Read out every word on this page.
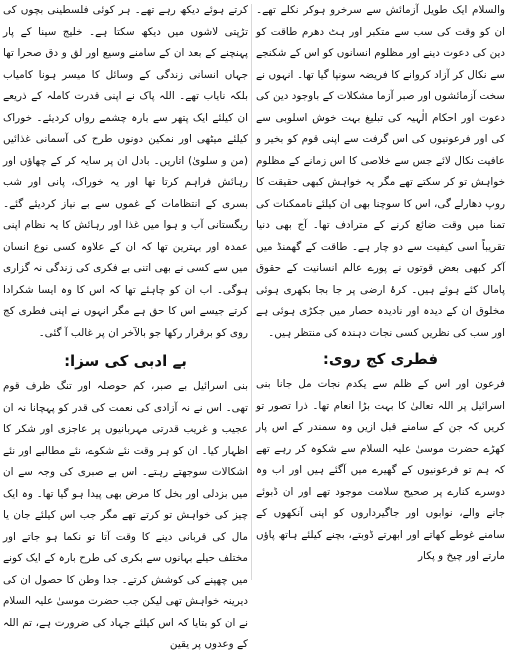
والسلام ایک طویل آزمائش سے سرخرو ہوکر نکلے تھے۔ ان کو وقت کی سب سے متکبر اور ہٹ دھرم طاقت کو دین کی دعوت دینے اور مظلوم انسانوں کو اس کے شکنجے سے نکال کر آزاد کروانے کا فریضہ سونپا گیا تھا۔ انہوں نے سخت آزمائشوں اور صبر آزما مشکلات کے باوجود دین کی دعوت اور احکام الٰہیہ کی تبلیغ بہت خوش اسلوبی سے کی اور فرعونیوں کی اس گرفت سے اپنی قوم کو بخیر و عافیت نکال لائے جس سے خلاصی کا اس زمانے کے مظلوم خواہش تو کر سکتے تھے مگر یہ خواہش کبھی حقیقت کا روپ دھارلے گی، اس کا سوچنا بھی ان کیلئے ناممکنات کی تمنا میں وقت ضائع کرنے کے مترادف تھا۔ آج بھی دنیا تقریباً اسی کیفیت سے دو چار ہے۔ طاقت کے گھمنڈ میں آکر کبھی بعض قوتوں نے پورے عالم انسانیت کے حقوق پامال کئے ہوئے ہیں۔ کرۂ ارضی پر جا بجا بکھری ہوئی مخلوق ان کے دیدہ اور نادیدہ حصار میں جکڑی ہوئی ہے اور سب کی نظریں کسی نجات دہندہ کی منتظر ہیں۔

فطری کج روی:

فرعون اور اس کے ظلم سے یکدم نجات مل جانا بنی اسرائیل پر اللہ تعالیٰ کا بہت بڑا انعام تھا۔ ذرا تصور تو کریں کہ جن کے سامنے قبل ازیں وہ سمندر کے اس پار کھڑے حضرت موسیٰ علیہ السلام سے شکوہ کر رہے تھے کہ ہم تو فرعونیوں کے گھیرے میں آگئے ہیں اور اب وہ دوسرے کنارے پر صحیح سلامت موجود تھے اور ان ڈبوئے جانے والے، نوابوں اور جاگیرداروں کو اپنی آنکھوں کے سامنے غوطے کھاتے اور ابھرتے ڈوبتے، بچنے کیلئے ہاتھ پاؤں مارتے اور چیخ و پکار

کرتے ہوئے دیکھ رہے تھے۔ ہر کوئی فلسطینی بچوں کی تڑپتی لاشوں میں دیکھ سکتا ہے۔ خلیج سینا کے پار پہنچنے کے بعد ان کے سامنے وسیع اور لق و دق صحرا تھا جہاں انسانی زندگی کے وسائل کا میسر ہونا کامیاب بلکہ نایاب تھے۔ اللہ پاک نے اپنی قدرت کاملہ کے ذریعے ان کیلئے ایک پتھر سے بارہ چشمے رواں کردیئے۔ خوراک کیلئے میٹھی اور نمکین دونوں طرح کی آسمانی غذائیں (من و سلویٰ) اتاریں۔ بادل ان پر سایہ کر کے چھاؤں اور رہائش فراہم کرتا تھا اور یہ خوراک، پانی اور شب بسری کے انتظامات کے غموں سے بے نیاز کردیئے گئے۔ ریگستانی آب و ہوا میں غذا اور رہائش کا یہ نظام اپنی عمدہ اور بہترین تھا کہ ان کے علاوہ کسی نوع انسان میں سے کسی نے بھی اتنی بے فکری کی زندگی نہ گزاری ہوگی۔ اب ان کو چاہئے تھا کہ اس کا وہ ایسا شکرادا کرتے جیسے اس کا حق ہے مگر انہوں نے اپنی فطری کج روی کو برقرار رکھا جو بالآخر ان پر غالب آ گئی۔

بے ادبی کی سزا:

بنی اسرائیل بے صبر، کم حوصلہ اور تنگ ظرف قوم تھی۔ اس نے نہ آزادی کی نعمت کی قدر کو پہچانا نہ ان عجیب و غریب قدرتی مہربانیوں پر عاجزی اور شکر کا اظہار کیا۔ ان کو ہر وقت نئے شکوے، نئے مطالبے اور نئے اشکالات سوجھتے رہتے۔ اس بے صبری کی وجہ سے ان میں بزدلی اور بخل کا مرض بھی پیدا ہو گیا تھا۔ وہ ایک چیز کی خواہش تو کرتے تھے مگر جب اس کیلئے جان یا مال کی قربانی دینے کا وقت آتا تو نکما ہو جاتے اور مختلف حیلے بہانوں سے بکری کی طرح بارہ کے ایک کونے میں چھپنے کی کوشش کرتے۔ جدا وطن کا حصول ان کی دیرینہ خواہش تھی لیکن جب حضرت موسیٰ علیہ السلام نے ان کو بتایا کہ اس کیلئے جہاد کی ضرورت ہے، تم اللہ کے وعدوں پر یقین
